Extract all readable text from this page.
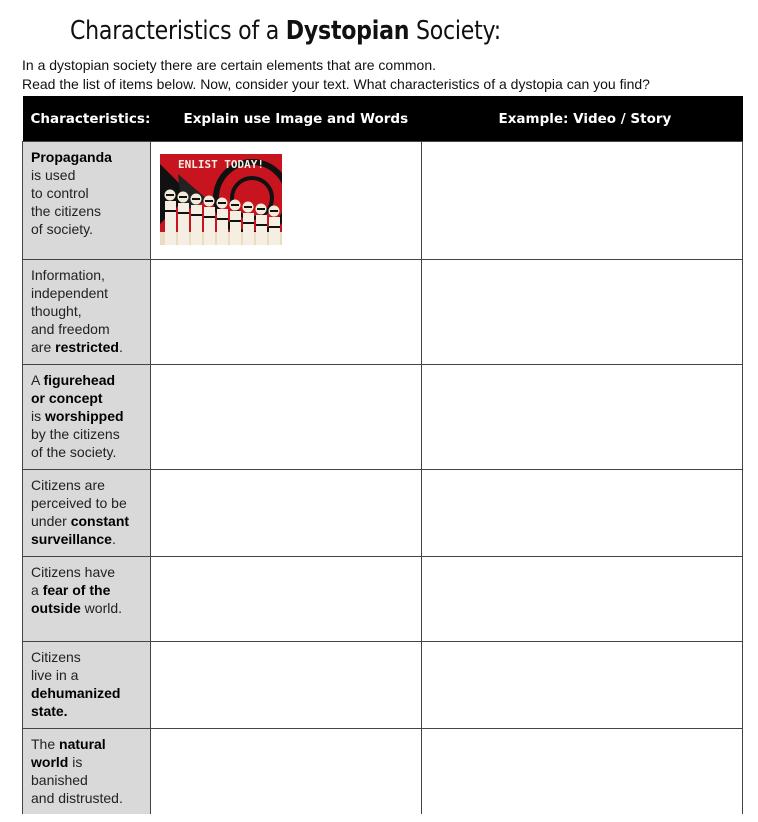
Characteristics of a Dystopian Society:
In a dystopian society there are certain elements that are common.
Read the list of items below. Now, consider your text. What characteristics of a dystopia can you find?
Characteristics:	Explain use Image and Words	Example: Video / Story

Propaganda
is used
to control
the citizens
of society.	ENLIST TODAY!	

Information,
independent
thought,
and freedom
are restricted.		

A figurehead
or concept
is worshipped
by the citizens
of the society.		

Citizens are
perceived to be
under constant
surveillance.		

Citizens have
a fear of the
outside world.		

Citizens
live in a
dehumanized
state.		

The natural
world is
banished
and distrusted.		
